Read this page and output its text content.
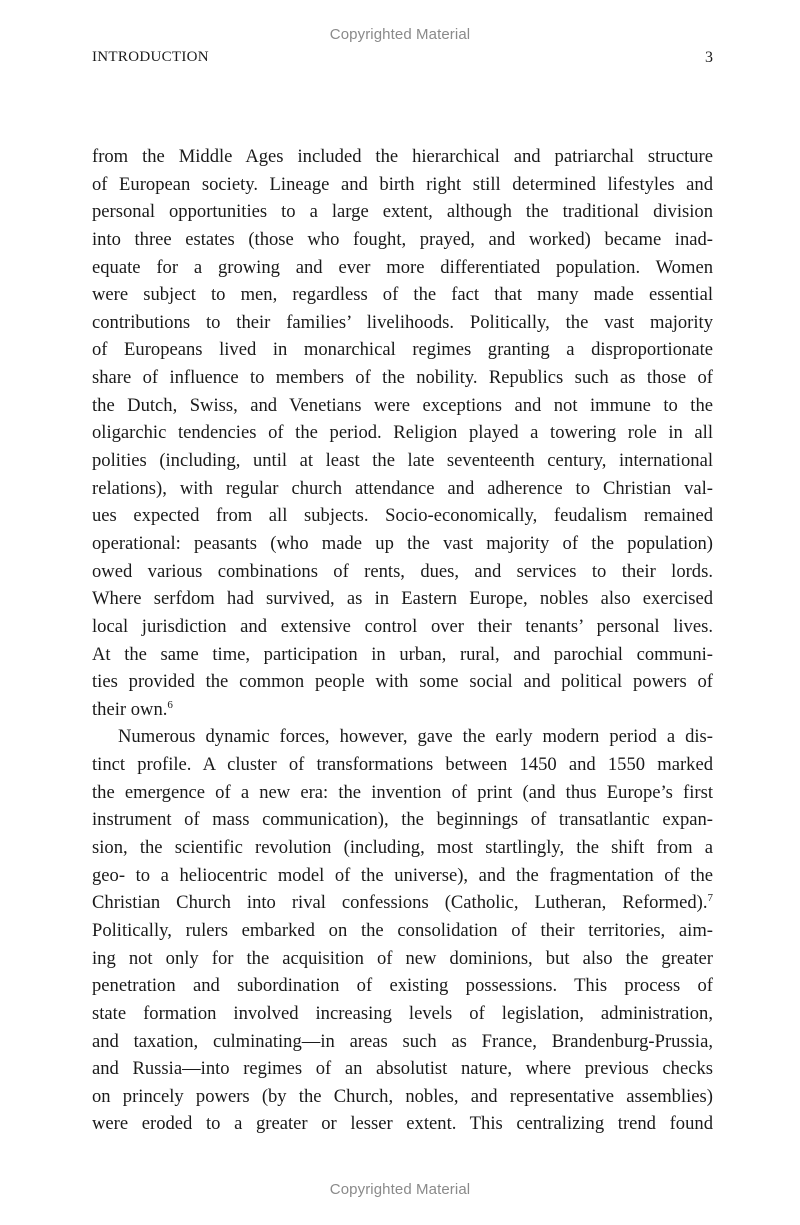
Copyrighted Material
INTRODUCTION	3
from the Middle Ages included the hierarchical and patriarchal structure
of European society. Lineage and birth right still determined lifestyles and
personal opportunities to a large extent, although the traditional division
into three estates (those who fought, prayed, and worked) became inad-
equate for a growing and ever more differentiated population. Women
were subject to men, regardless of the fact that many made essential
contributions to their families’ livelihoods. Politically, the vast majority
of Europeans lived in monarchical regimes granting a disproportionate
share of influence to members of the nobility. Republics such as those of
the Dutch, Swiss, and Venetians were exceptions and not immune to the
oligarchic tendencies of the period. Religion played a towering role in all
polities (including, until at least the late seventeenth century, international
relations), with regular church attendance and adherence to Christian val-
ues expected from all subjects. Socio-economically, feudalism remained
operational: peasants (who made up the vast majority of the population)
owed various combinations of rents, dues, and services to their lords.
Where serfdom had survived, as in Eastern Europe, nobles also exercised
local jurisdiction and extensive control over their tenants’ personal lives.
At the same time, participation in urban, rural, and parochial communi-
ties provided the common people with some social and political powers of
their own.$^6$
Numerous dynamic forces, however, gave the early modern period a dis-
tinct profile. A cluster of transformations between 1450 and 1550 marked
the emergence of a new era: the invention of print (and thus Europe’s first
instrument of mass communication), the beginnings of transatlantic expan-
sion, the scientific revolution (including, most startlingly, the shift from a
geo- to a heliocentric model of the universe), and the fragmentation of the
Christian Church into rival confessions (Catholic, Lutheran, Reformed).$^7$
Politically, rulers embarked on the consolidation of their territories, aim-
ing not only for the acquisition of new dominions, but also the greater
penetration and subordination of existing possessions. This process of
state formation involved increasing levels of legislation, administration,
and taxation, culminating—in areas such as France, Brandenburg-Prussia,
and Russia—into regimes of an absolutist nature, where previous checks
on princely powers (by the Church, nobles, and representative assemblies)
were eroded to a greater or lesser extent. This centralizing trend found
Copyrighted Material
